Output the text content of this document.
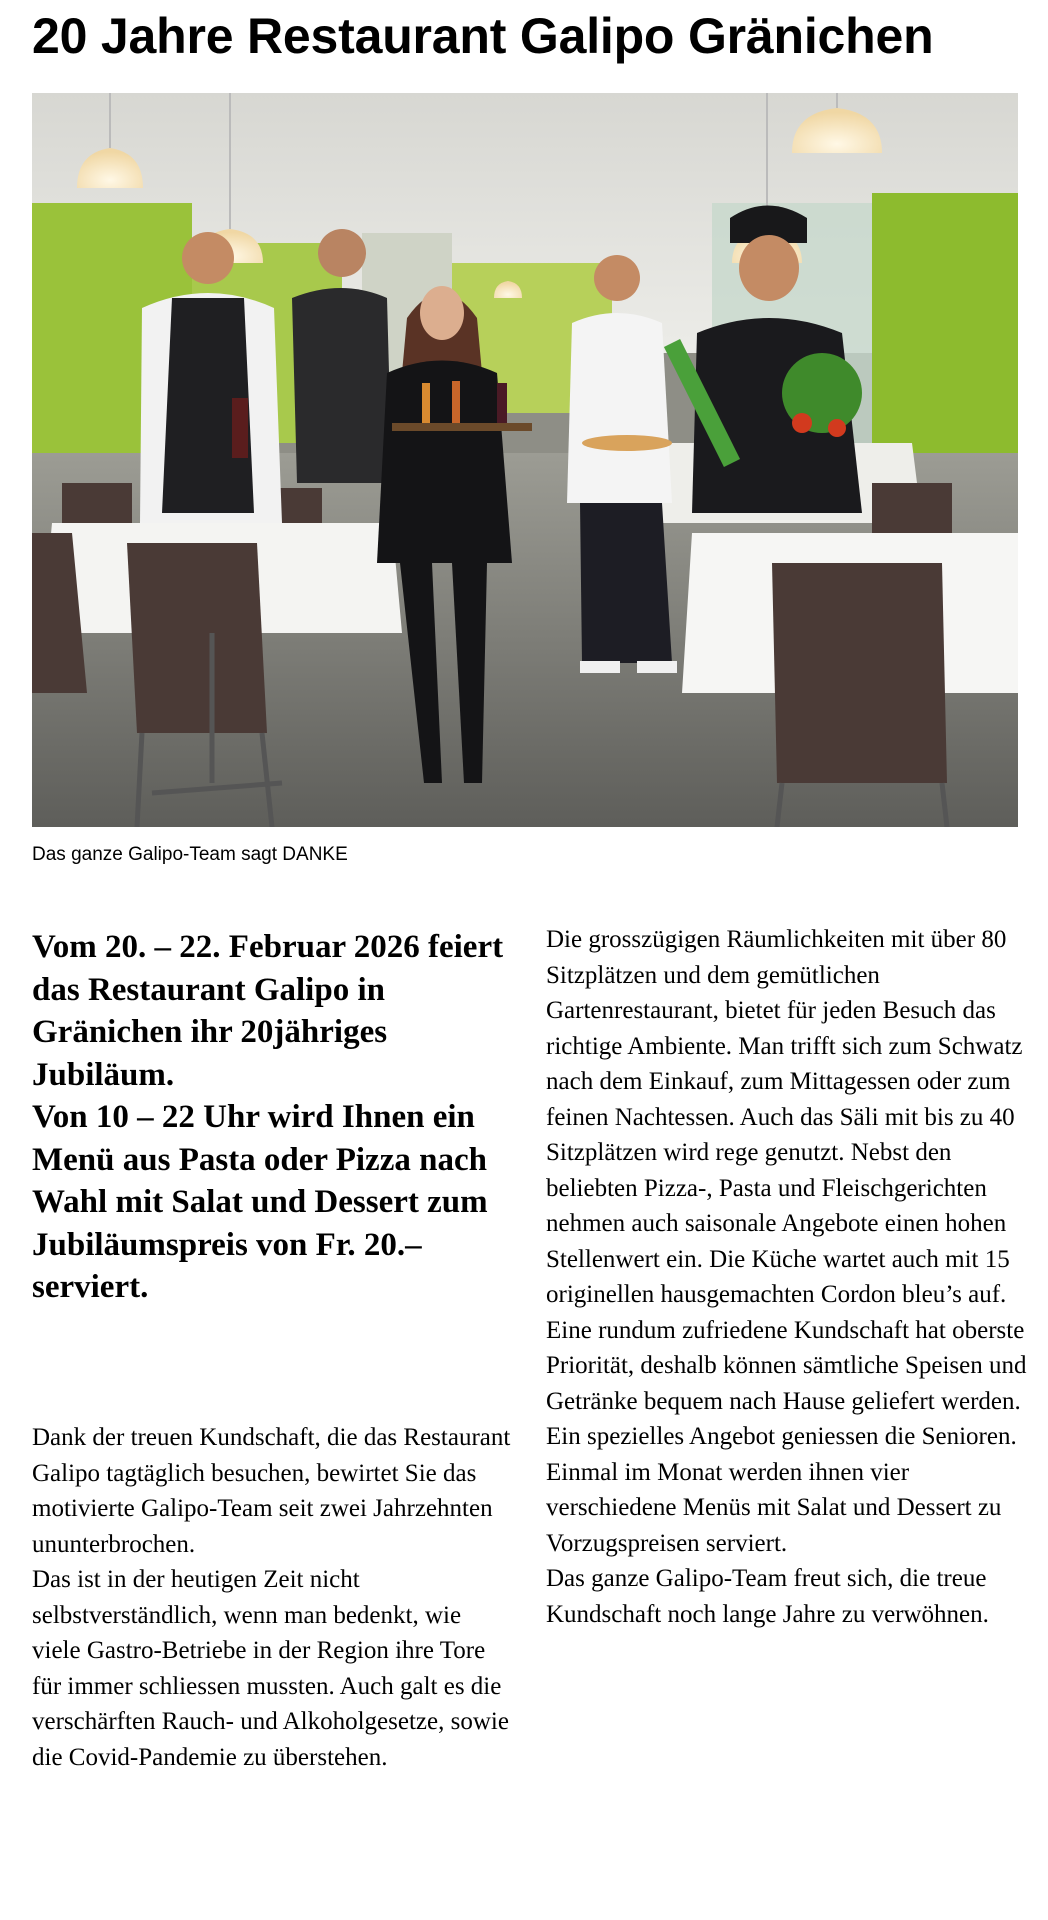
20 Jahre Restaurant Galipo Gränichen
Das ganze Galipo-Team sagt DANKE

Vom 20. – 22. Februar 2026 feiert das Restaurant Galipo in Gränichen ihr 20jähriges Jubiläum.

Von 10 – 22 Uhr wird Ihnen ein Menü aus Pasta oder Pizza nach Wahl mit Salat und Dessert zum Jubiläumspreis von Fr. 20.– serviert.

Dank der treuen Kundschaft, die das Restaurant Galipo tagtäglich besuchen, bewirtet Sie das motivierte Galipo-Team seit zwei Jahrzehnten ununterbrochen.

Das ist in der heutigen Zeit nicht selbstverständlich, wenn man bedenkt, wie viele Gastro-Betriebe in der Region ihre Tore für immer schliessen mussten. Auch galt es die verschärften Rauch- und Alkoholgesetze, sowie die Covid-Pandemie zu überstehen.

Die grosszügigen Räumlichkeiten mit über 80 Sitzplätzen und dem gemütlichen Gartenrestaurant, bietet für jeden Besuch das richtige Ambiente. Man trifft sich zum Schwatz nach dem Einkauf, zum Mittagessen oder zum feinen Nachtessen. Auch das Säli mit bis zu 40 Sitzplätzen wird rege genutzt. Nebst den beliebten Pizza-, Pasta und Fleischgerichten nehmen auch saisonale Angebote einen hohen Stellenwert ein. Die Küche wartet auch mit 15 originellen hausgemachten Cordon bleu’s auf. Eine rundum zufriedene Kundschaft hat oberste Priorität, deshalb können sämtliche Speisen und Getränke bequem nach Hause geliefert werden. Ein spezielles Angebot geniessen die Senioren. Einmal im Monat werden ihnen vier verschiedene Menüs mit Salat und Dessert zu Vorzugspreisen serviert.

Das ganze Galipo-Team freut sich, die treue Kundschaft noch lange Jahre zu verwöhnen.
